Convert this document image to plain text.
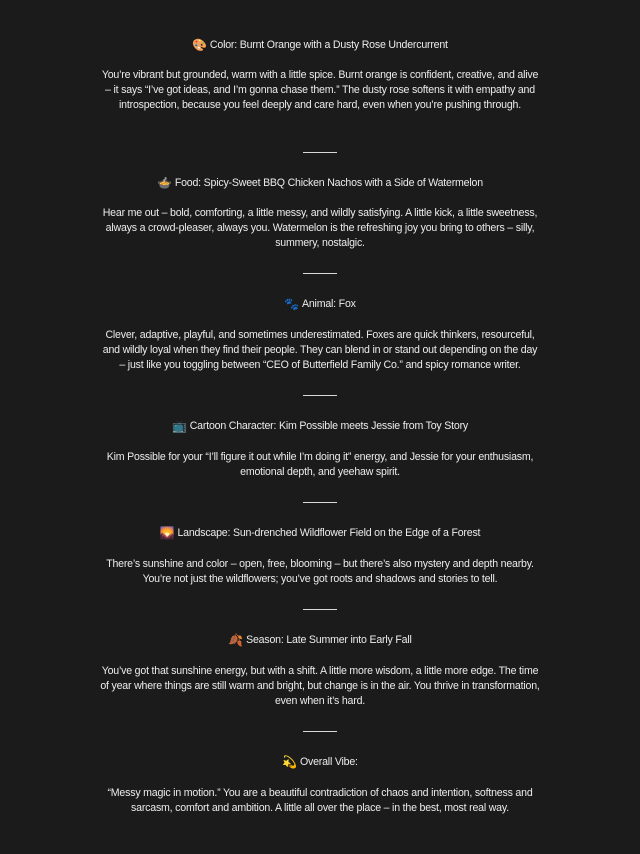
🎨 Color: Burnt Orange with a Dusty Rose Undercurrent
You’re vibrant but grounded, warm with a little spice. Burnt orange is confident, creative, and alive – it says “I’ve got ideas, and I’m gonna chase them.” The dusty rose softens it with empathy and introspection, because you feel deeply and care hard, even when you’re pushing through.
🍲 Food: Spicy-Sweet BBQ Chicken Nachos with a Side of Watermelon
Hear me out – bold, comforting, a little messy, and wildly satisfying. A little kick, a little sweetness, always a crowd-pleaser, always you. Watermelon is the refreshing joy you bring to others – silly, summery, nostalgic.
🐾 Animal: Fox
Clever, adaptive, playful, and sometimes underestimated. Foxes are quick thinkers, resourceful, and wildly loyal when they find their people. They can blend in or stand out depending on the day – just like you toggling between “CEO of Butterfield Family Co.” and spicy romance writer.
📺 Cartoon Character: Kim Possible meets Jessie from Toy Story
Kim Possible for your “I’ll figure it out while I’m doing it” energy, and Jessie for your enthusiasm, emotional depth, and yeehaw spirit.
🌄 Landscape: Sun-drenched Wildflower Field on the Edge of a Forest
There’s sunshine and color – open, free, blooming – but there’s also mystery and depth nearby. You’re not just the wildflowers; you’ve got roots and shadows and stories to tell.
🍂 Season: Late Summer into Early Fall
You’ve got that sunshine energy, but with a shift. A little more wisdom, a little more edge. The time of year where things are still warm and bright, but change is in the air. You thrive in transformation, even when it’s hard.
💫 Overall Vibe:
“Messy magic in motion.” You are a beautiful contradiction of chaos and intention, softness and sarcasm, comfort and ambition. A little all over the place – in the best, most real way.
